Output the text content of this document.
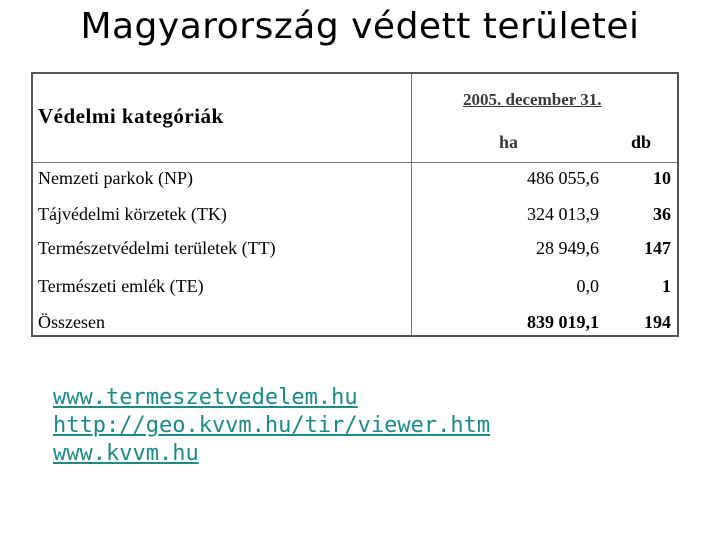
Magyarország védett területei
Védelmi kategóriák
2005. december 31.
ha	db
Nemzeti parkok (NP)	486 055,6	10
Tájvédelmi körzetek (TK)	324 013,9	36
Természetvédelmi területek (TT)	28 949,6	147
Természeti emlék (TE)	0,0	1
Összesen	839 019,1	194
www.termeszetvedelem.hu
http://geo.kvvm.hu/tir/viewer.htm
www.kvvm.hu
